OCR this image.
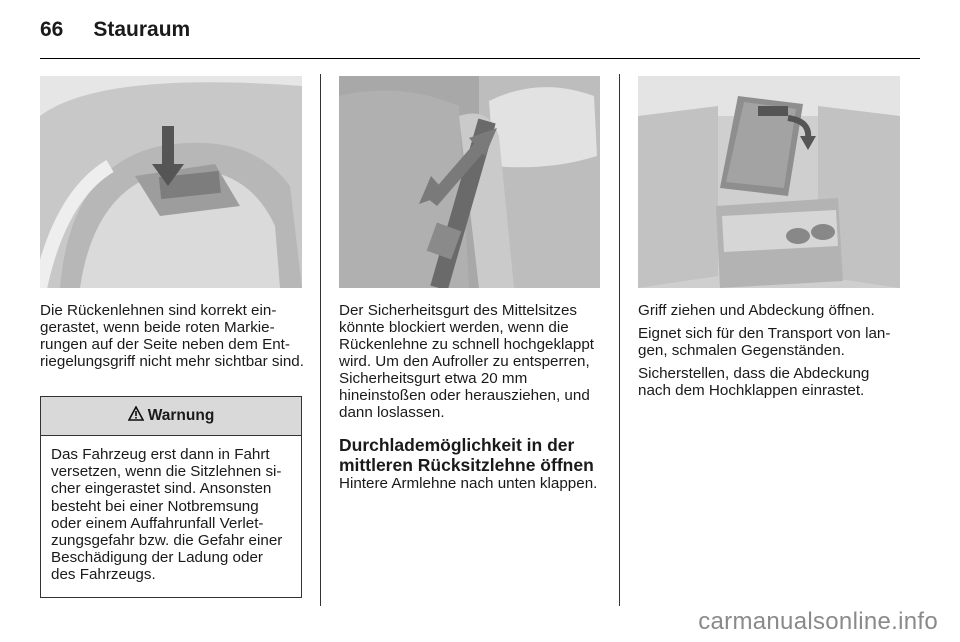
66 Stauraum

Die Rückenlehnen sind korrekt eingerastet, wenn beide roten Markierungen auf der Seite neben dem Entriegelungsgriff nicht mehr sichtbar sind.

Warnung
Das Fahrzeug erst dann in Fahrt versetzen, wenn die Sitzlehnen sicher eingerastet sind. Ansonsten besteht bei einer Notbremsung oder einem Auffahrunfall Verletzungsgefahr bzw. die Gefahr einer Beschädigung der Ladung oder des Fahrzeugs.

Der Sicherheitsgurt des Mittelsitzes könnte blockiert werden, wenn die Rückenlehne zu schnell hochgeklappt wird. Um den Aufroller zu entsperren, Sicherheitsgurt etwa 20 mm hineinstoßen oder herausziehen, und dann loslassen.

Durchlademöglichkeit in der mittleren Rücksitzlehne öffnen

Hintere Armlehne nach unten klappen.

Griff ziehen und Abdeckung öffnen.

Eignet sich für den Transport von langen, schmalen Gegenständen.

Sicherstellen, dass die Abdeckung nach dem Hochklappen einrastet.

carmanualsonline.info
